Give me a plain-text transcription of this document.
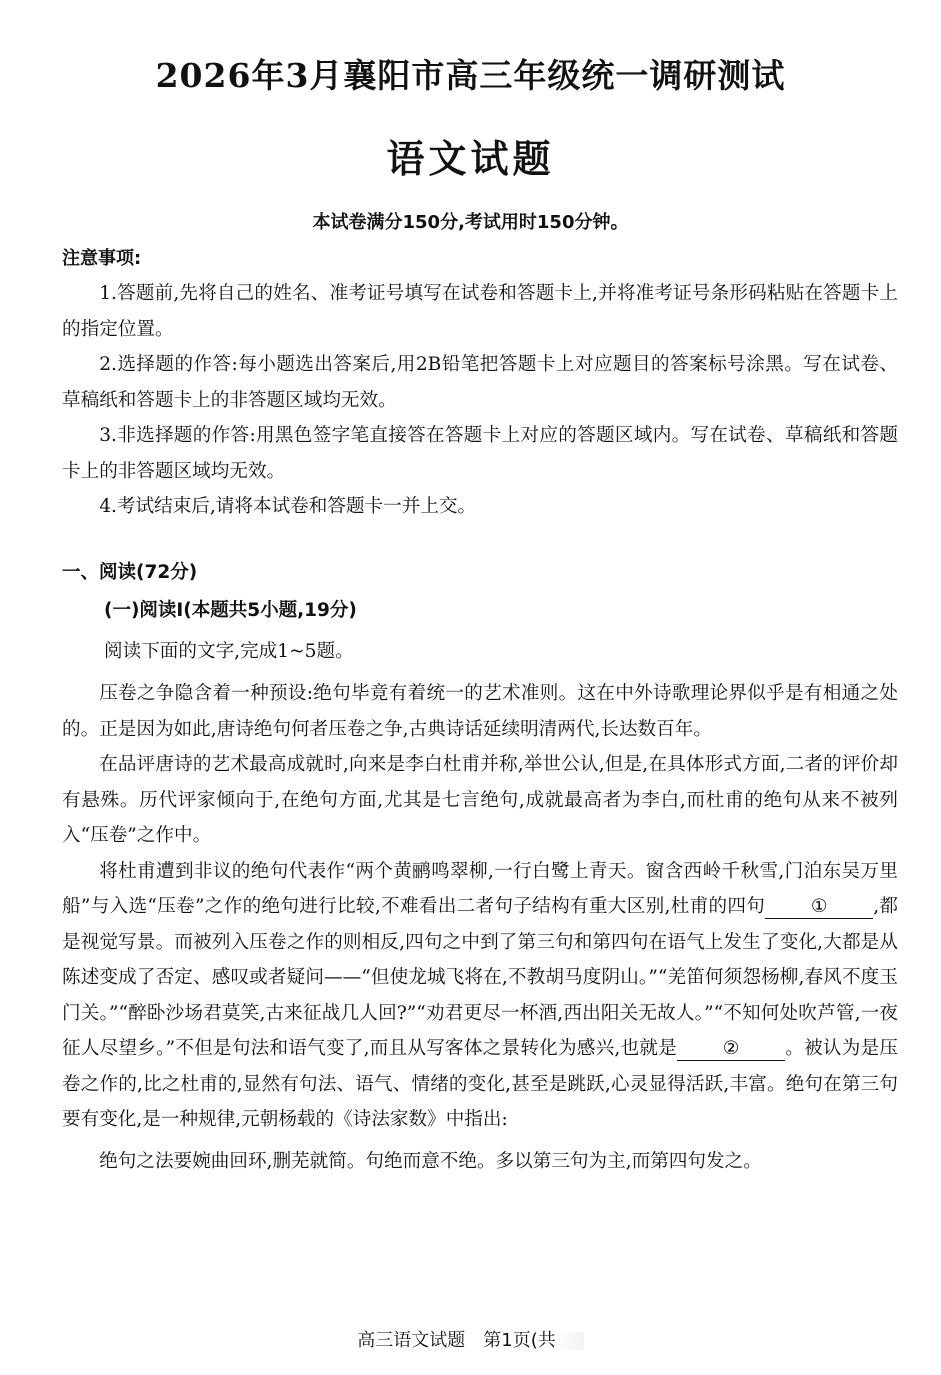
2026年3月襄阳市高三年级统一调研测试
语文试题
本试卷满分150分,考试用时150分钟。
注意事项:

1.答题前,先将自己的姓名、准考证号填写在试卷和答题卡上,并将准考证号条形码粘贴在答题卡上的指定位置。

2.选择题的作答:每小题选出答案后,用2B铅笔把答题卡上对应题目的答案标号涂黑。写在试卷、草稿纸和答题卡上的非答题区域均无效。

3.非选择题的作答:用黑色签字笔直接答在答题卡上对应的答题区域内。写在试卷、草稿纸和答题卡上的非答题区域均无效。

4.考试结束后,请将本试卷和答题卡一并上交。

一、阅读(72分)
(一)阅读Ⅰ(本题共5小题,19分)
阅读下面的文字,完成1~5题。

压卷之争隐含着一种预设:绝句毕竟有着统一的艺术准则。这在中外诗歌理论界似乎是有相通之处的。正是因为如此,唐诗绝句何者压卷之争,古典诗话延续明清两代,长达数百年。

在品评唐诗的艺术最高成就时,向来是李白杜甫并称,举世公认,但是,在具体形式方面,二者的评价却有悬殊。历代评家倾向于,在绝句方面,尤其是七言绝句,成就最高者为李白,而杜甫的绝句从来不被列入“压卷”之作中。

将杜甫遭到非议的绝句代表作“两个黄鹂鸣翠柳,一行白鹭上青天。窗含西岭千秋雪,门泊东吴万里船”与入选“压卷”之作的绝句进行比较,不难看出二者句子结构有重大区别,杜甫的四句 ① ,都是视觉写景。而被列入压卷之作的则相反,四句之中到了第三句和第四句在语气上发生了变化,大都是从陈述变成了否定、感叹或者疑问——“但使龙城飞将在,不教胡马度阴山。”“羌笛何须怨杨柳,春风不度玉门关。”“醉卧沙场君莫笑,古来征战几人回?”“劝君更尽一杯酒,西出阳关无故人。”“不知何处吹芦管,一夜征人尽望乡。”不但是句法和语气变了,而且从写客体之景转化为感兴,也就是 ② 。被认为是压卷之作的,比之杜甫的,显然有句法、语气、情绪的变化,甚至是跳跃,心灵显得活跃,丰富。绝句在第三句要有变化,是一种规律,元朝杨载的《诗法家数》中指出:

绝句之法要婉曲回环,删芜就简。句绝而意不绝。多以第三句为主,而第四句发之。

高三语文试题　第1页(共
